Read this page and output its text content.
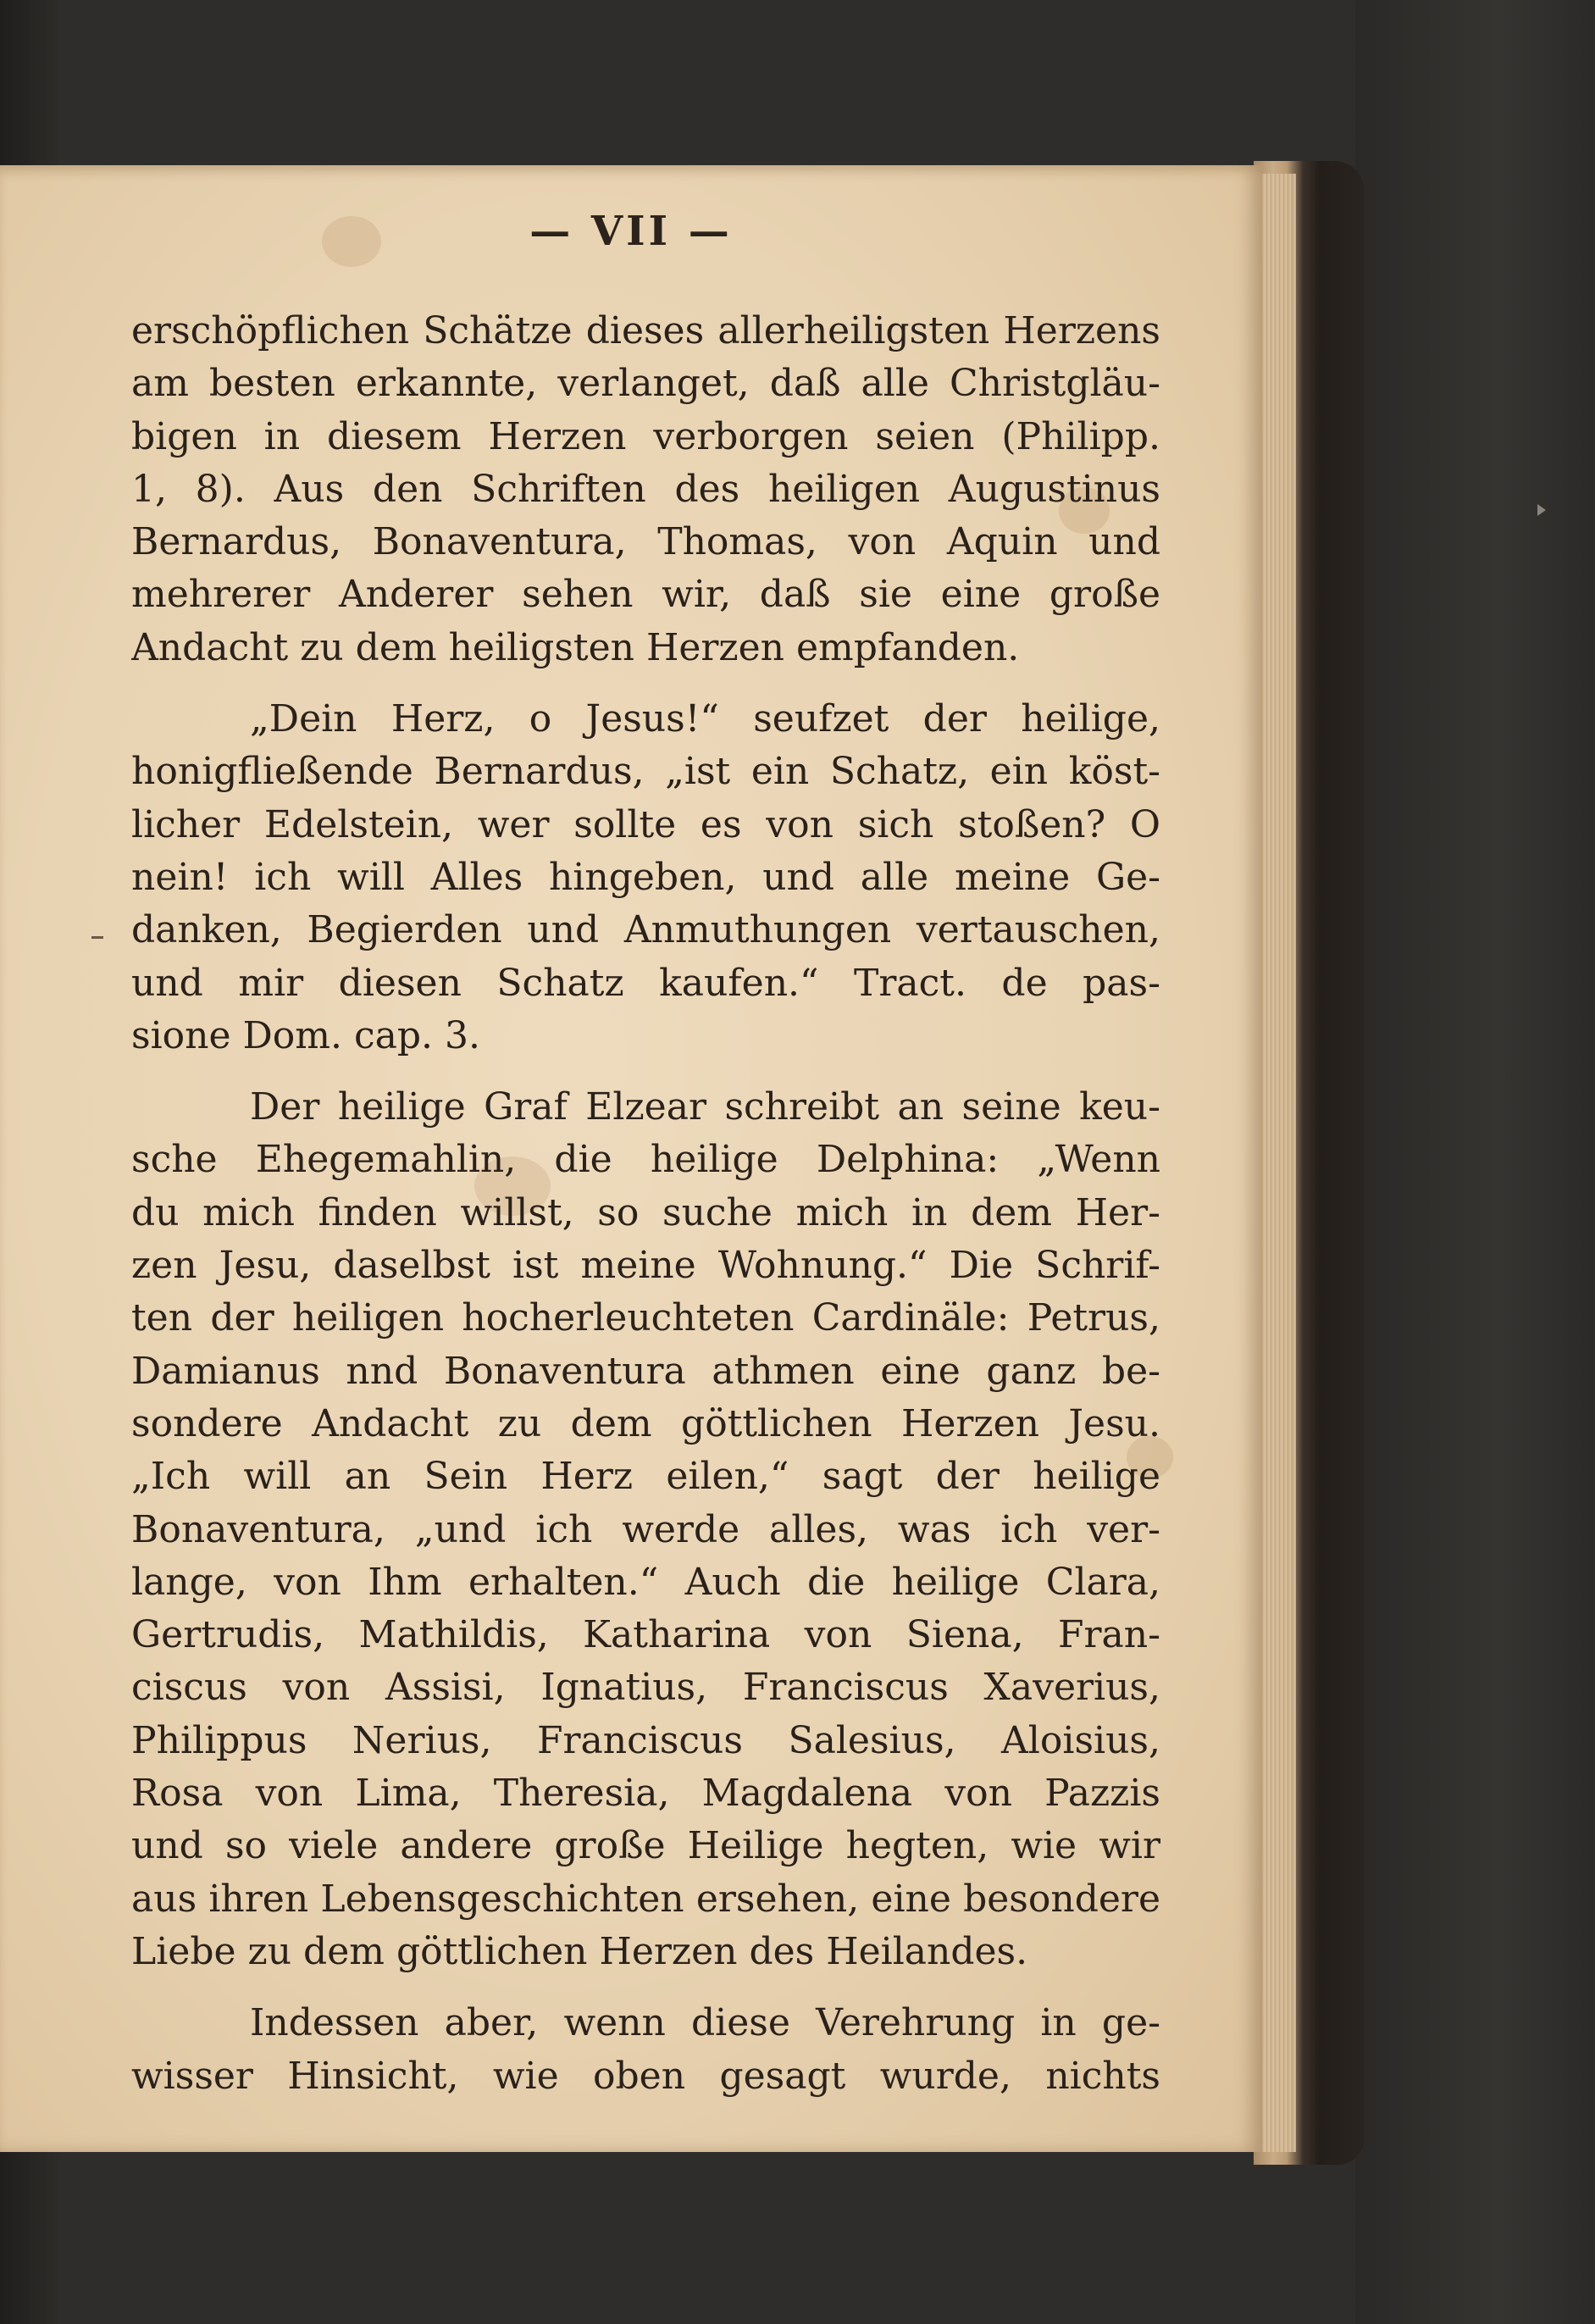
— VII —
erschöpflichen Schätze dieses allerheiligsten Herzens
am besten erkannte, verlanget, daß alle Christgläu-
bigen in diesem Herzen verborgen seien (Philipp.
1, 8). Aus den Schriften des heiligen Augustinus
Bernardus, Bonaventura, Thomas, von Aquin und
mehrerer Anderer sehen wir, daß sie eine große
Andacht zu dem heiligsten Herzen empfanden.
„Dein Herz, o Jesus!“ seufzet der heilige,
honigfließende Bernardus, „ist ein Schatz, ein köst-
licher Edelstein, wer sollte es von sich stoßen? O
nein! ich will Alles hingeben, und alle meine Ge-
danken, Begierden und Anmuthungen vertauschen,
und mir diesen Schatz kaufen.“ Tract. de pas-
sione Dom. cap. 3.
Der heilige Graf Elzear schreibt an seine keu-
sche Ehegemahlin, die heilige Delphina: „Wenn
du mich finden willst, so suche mich in dem Her-
zen Jesu, daselbst ist meine Wohnung.“ Die Schrif-
ten der heiligen hocherleuchteten Cardinäle: Petrus,
Damianus nnd Bonaventura athmen eine ganz be-
sondere Andacht zu dem göttlichen Herzen Jesu.
„Ich will an Sein Herz eilen,“ sagt der heilige
Bonaventura, „und ich werde alles, was ich ver-
lange, von Ihm erhalten.“ Auch die heilige Clara,
Gertrudis, Mathildis, Katharina von Siena, Fran-
ciscus von Assisi, Ignatius, Franciscus Xaverius,
Philippus Nerius, Franciscus Salesius, Aloisius,
Rosa von Lima, Theresia, Magdalena von Pazzis
und so viele andere große Heilige hegten, wie wir
aus ihren Lebensgeschichten ersehen, eine besondere
Liebe zu dem göttlichen Herzen des Heilandes.
Indessen aber, wenn diese Verehrung in ge-
wisser Hinsicht, wie oben gesagt wurde, nichts
